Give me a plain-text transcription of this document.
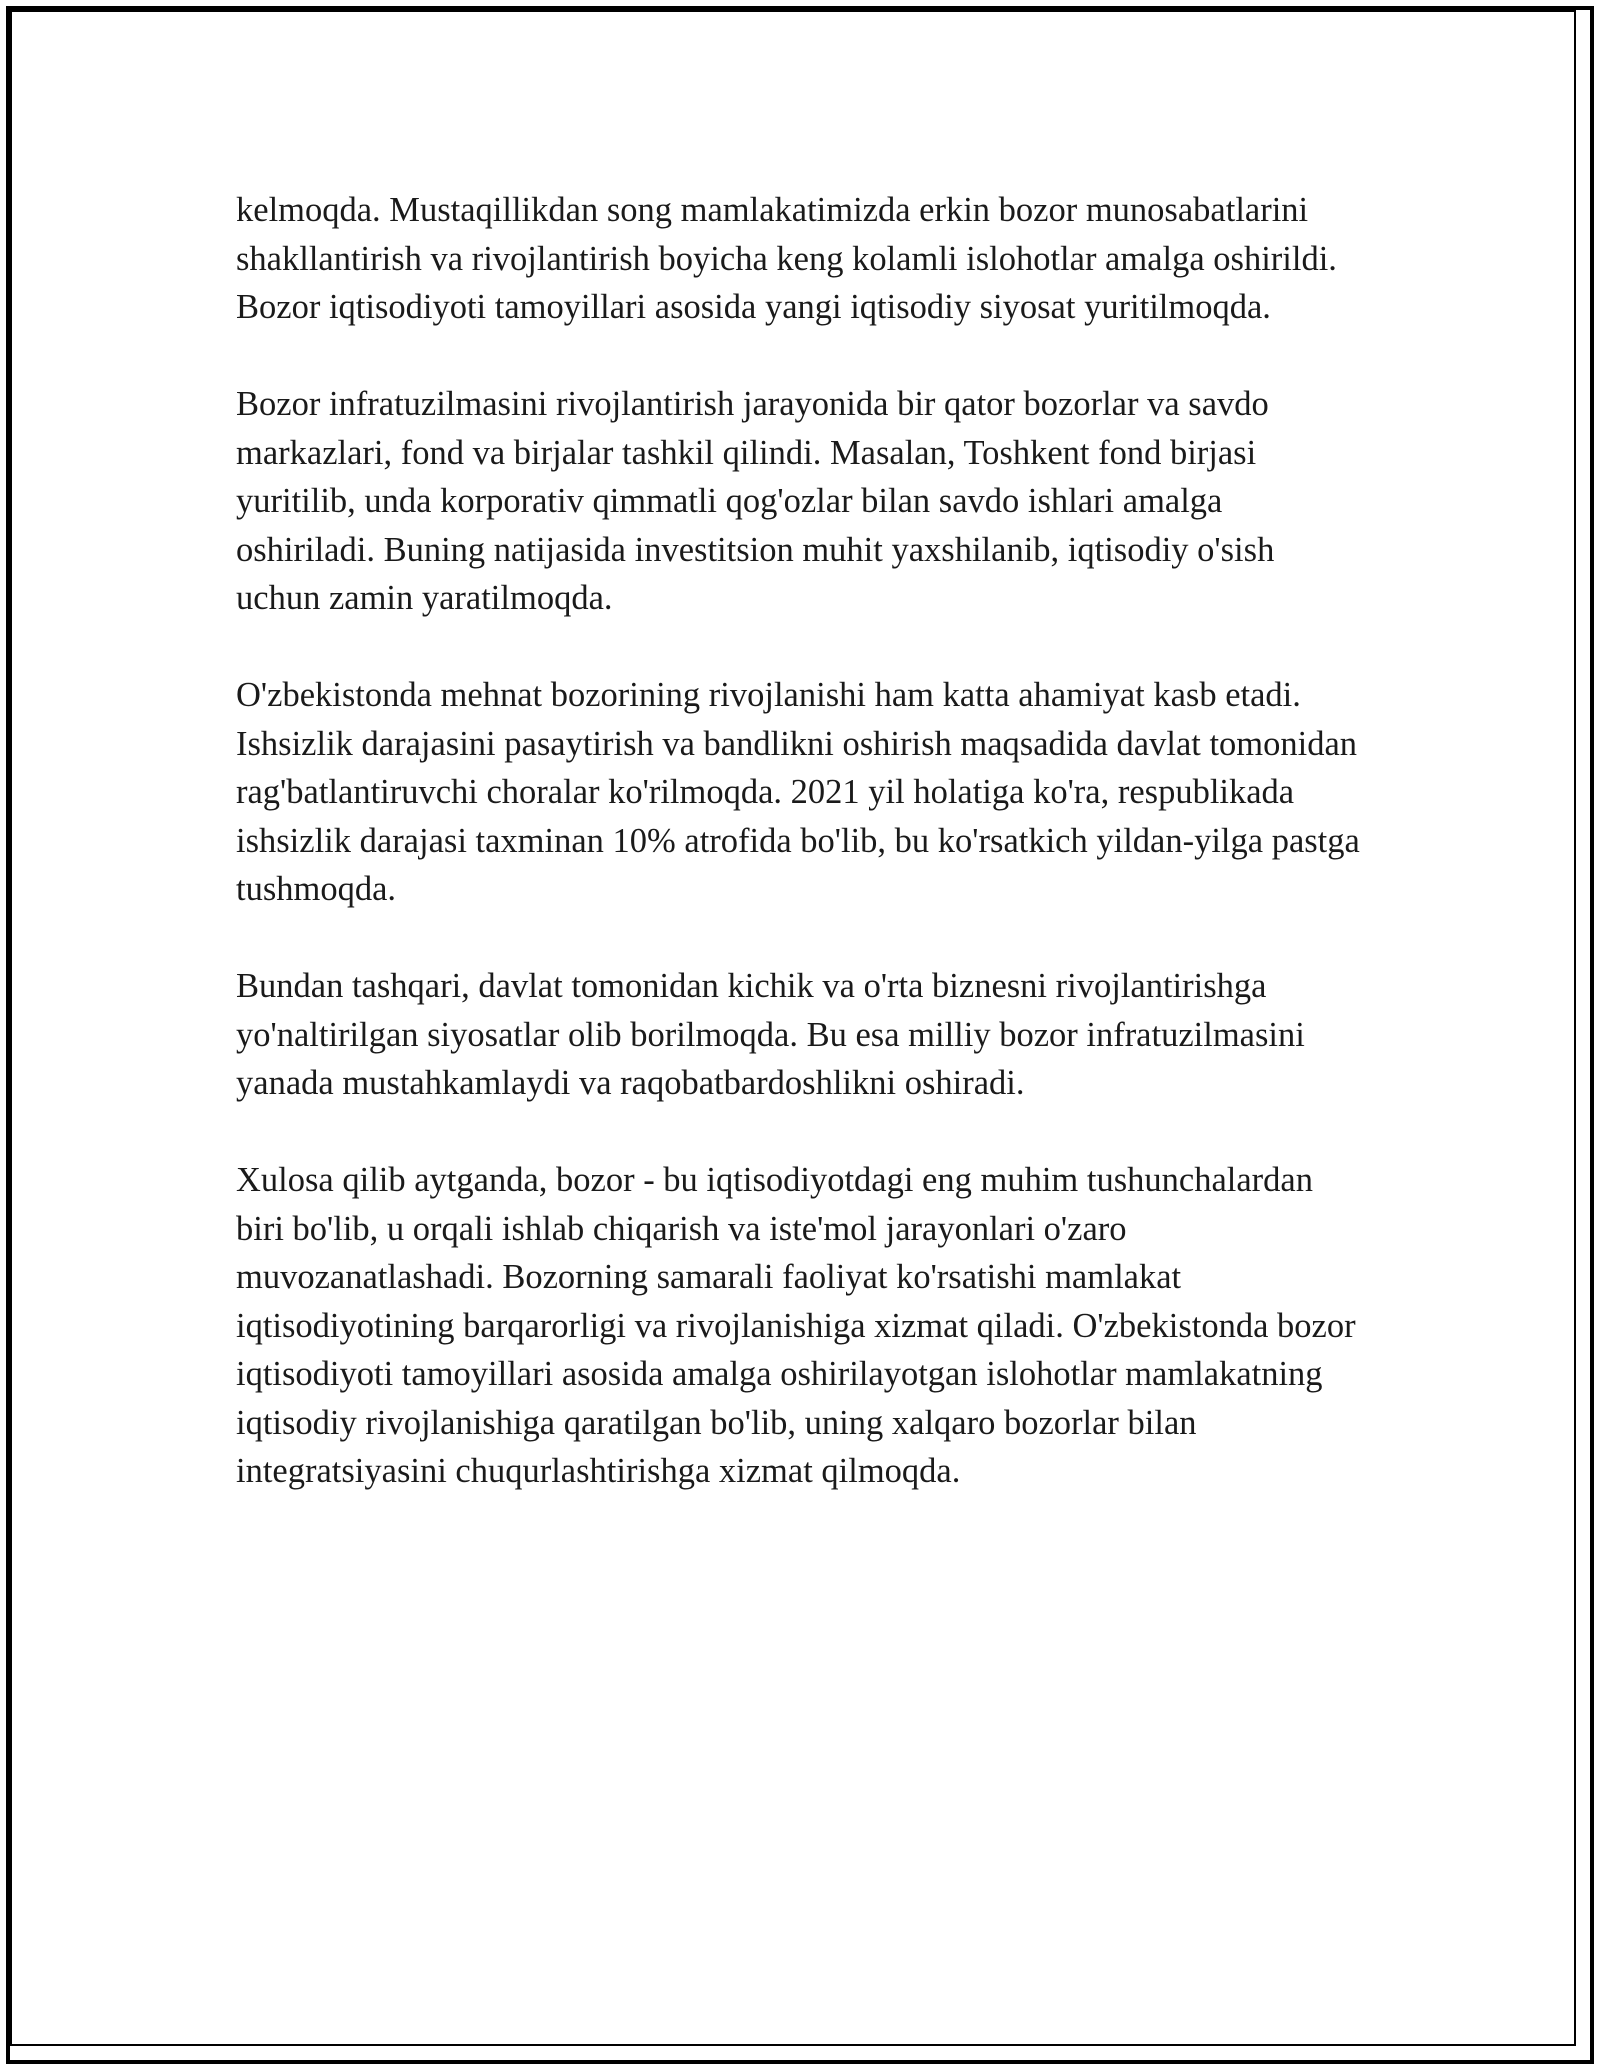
kelmoqda. Mustaqillikdan song mamlakatimizda erkin bozor munosabatlarini shakllantirish va rivojlantirish boyicha keng kolamli islohotlar amalga oshirildi. Bozor iqtisodiyoti tamoyillari asosida yangi iqtisodiy siyosat yuritilmoqda.

Bozor infratuzilmasini rivojlantirish jarayonida bir qator bozorlar va savdo markazlari, fond va birjalar tashkil qilindi. Masalan, Toshkent fond birjasi yuritilib, unda korporativ qimmatli qog'ozlar bilan savdo ishlari amalga oshiriladi. Buning natijasida investitsion muhit yaxshilanib, iqtisodiy o'sish uchun zamin yaratilmoqda.

O'zbekistonda mehnat bozorining rivojlanishi ham katta ahamiyat kasb etadi. Ishsizlik darajasini pasaytirish va bandlikni oshirish maqsadida davlat tomonidan rag'batlantiruvchi choralar ko'rilmoqda. 2021 yil holatiga ko'ra, respublikada ishsizlik darajasi taxminan 10% atrofida bo'lib, bu ko'rsatkich yildan-yilga pastga tushmoqda.

Bundan tashqari, davlat tomonidan kichik va o'rta biznesni rivojlantirishga yo'naltirilgan siyosatlar olib borilmoqda. Bu esa milliy bozor infratuzilmasini yanada mustahkamlaydi va raqobatbardoshlikni oshiradi.

Xulosa qilib aytganda, bozor - bu iqtisodiyotdagi eng muhim tushunchalardan biri bo'lib, u orqali ishlab chiqarish va iste'mol jarayonlari o'zaro muvozanatlashadi. Bozorning samarali faoliyat ko'rsatishi mamlakat iqtisodiyotining barqarorligi va rivojlanishiga xizmat qiladi. O'zbekistonda bozor iqtisodiyoti tamoyillari asosida amalga oshirilayotgan islohotlar mamlakatning iqtisodiy rivojlanishiga qaratilgan bo'lib, uning xalqaro bozorlar bilan integratsiyasini chuqurlashtirishga xizmat qilmoqda.
